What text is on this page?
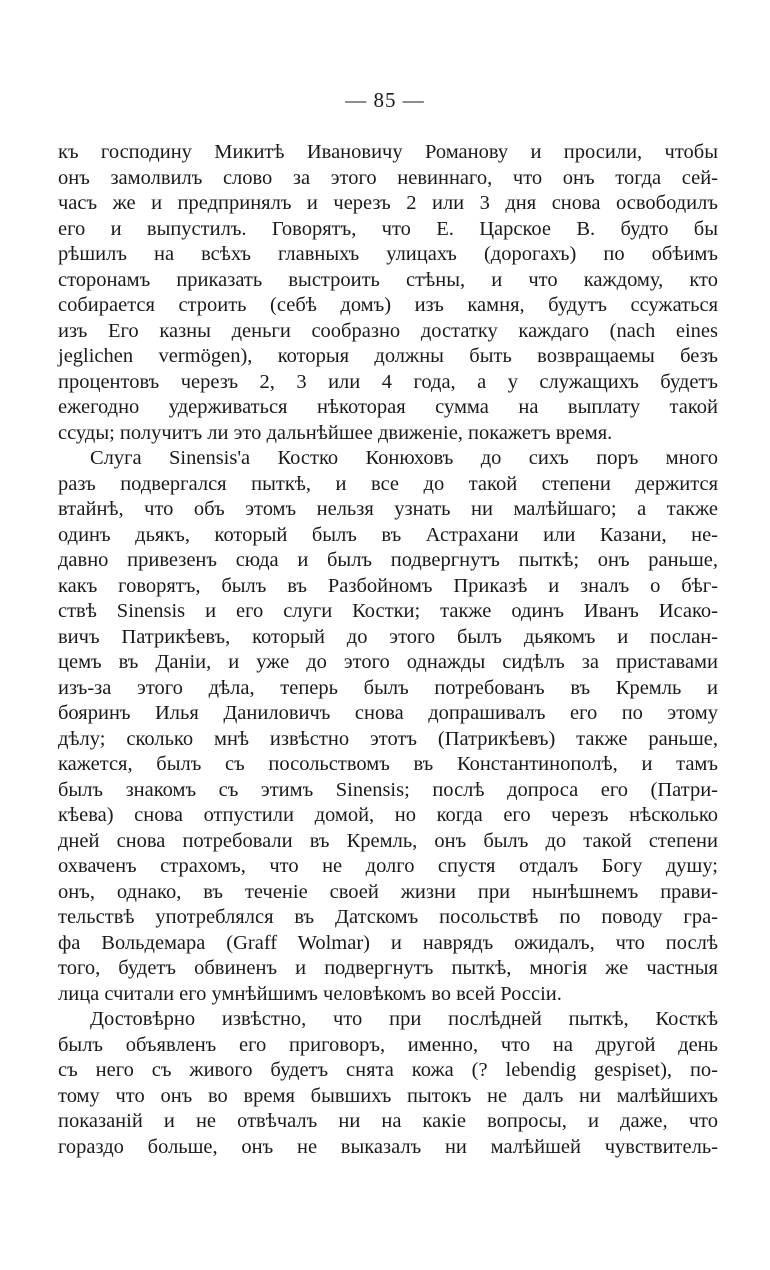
— 85 —
къ господину Микитѣ Ивановичу Романову и просили, чтобы
онъ замолвилъ слово за этого невиннаго, что онъ тогда сей-
часъ же и предпринялъ и черезъ 2 или 3 дня снова освободилъ
его и выпустилъ. Говорятъ, что Е. Царское В. будто бы
рѣшилъ на всѣхъ главныхъ улицахъ (дорогахъ) по обѣимъ
сторонамъ приказать выстроить стѣны, и что каждому, кто
собирается строить (себѣ домъ) изъ камня, будутъ ссужаться
изъ Его казны деньги сообразно достатку каждаго (nach eines
jeglichen vermögen), которыя должны быть возвращаемы безъ
процентовъ черезъ 2, 3 или 4 года, а у служащихъ будетъ
ежегодно удерживаться нѣкоторая сумма на выплату такой
ссуды; получитъ ли это дальнѣйшее движеніе, покажетъ время.
Слуга Sinensis'а Костко Конюховъ до сихъ поръ много
разъ подвергался пыткѣ, и все до такой степени держится
втайнѣ, что объ этомъ нельзя узнать ни малѣйшаго; а также
одинъ дьякъ, который былъ въ Астрахани или Казани, не-
давно привезенъ сюда и былъ подвергнутъ пыткѣ; онъ раньше,
какъ говорятъ, былъ въ Разбойномъ Приказѣ и зналъ о бѣг-
ствѣ Sinensis и его слуги Костки; также одинъ Иванъ Исако-
вичъ Патрикѣевъ, который до этого былъ дьякомъ и послан-
цемъ въ Даніи, и уже до этого однажды сидѣлъ за приставами
изъ-за этого дѣла, теперь былъ потребованъ въ Кремль и
бояринъ Илья Даниловичъ снова допрашивалъ его по этому
дѣлу; сколько мнѣ извѣстно этотъ (Патрикѣевъ) также раньше,
кажется, былъ съ посольствомъ въ Константинополѣ, и тамъ
былъ знакомъ съ этимъ Sinensis; послѣ допроса его (Патри-
кѣева) снова отпустили домой, но когда его черезъ нѣсколько
дней снова потребовали въ Кремль, онъ былъ до такой степени
охваченъ страхомъ, что не долго спустя отдалъ Богу душу;
онъ, однако, въ теченіе своей жизни при нынѣшнемъ прави-
тельствѣ употреблялся въ Датскомъ посольствѣ по поводу гра-
фа Вольдемара (Graff Wolmar) и наврядъ ожидалъ, что послѣ
того, будетъ обвиненъ и подвергнутъ пыткѣ, многія же частныя
лица считали его умнѣйшимъ человѣкомъ во всей Россіи.
Достовѣрно извѣстно, что при послѣдней пыткѣ, Косткѣ
былъ объявленъ его приговоръ, именно, что на другой день
съ него съ живого будетъ снята кожа (? lebendig gespiset), по-
тому что онъ во время бывшихъ пытокъ не далъ ни малѣйшихъ
показаній и не отвѣчалъ ни на какіе вопросы, и даже, что
гораздо больше, онъ не выказалъ ни малѣйшей чувствитель-
